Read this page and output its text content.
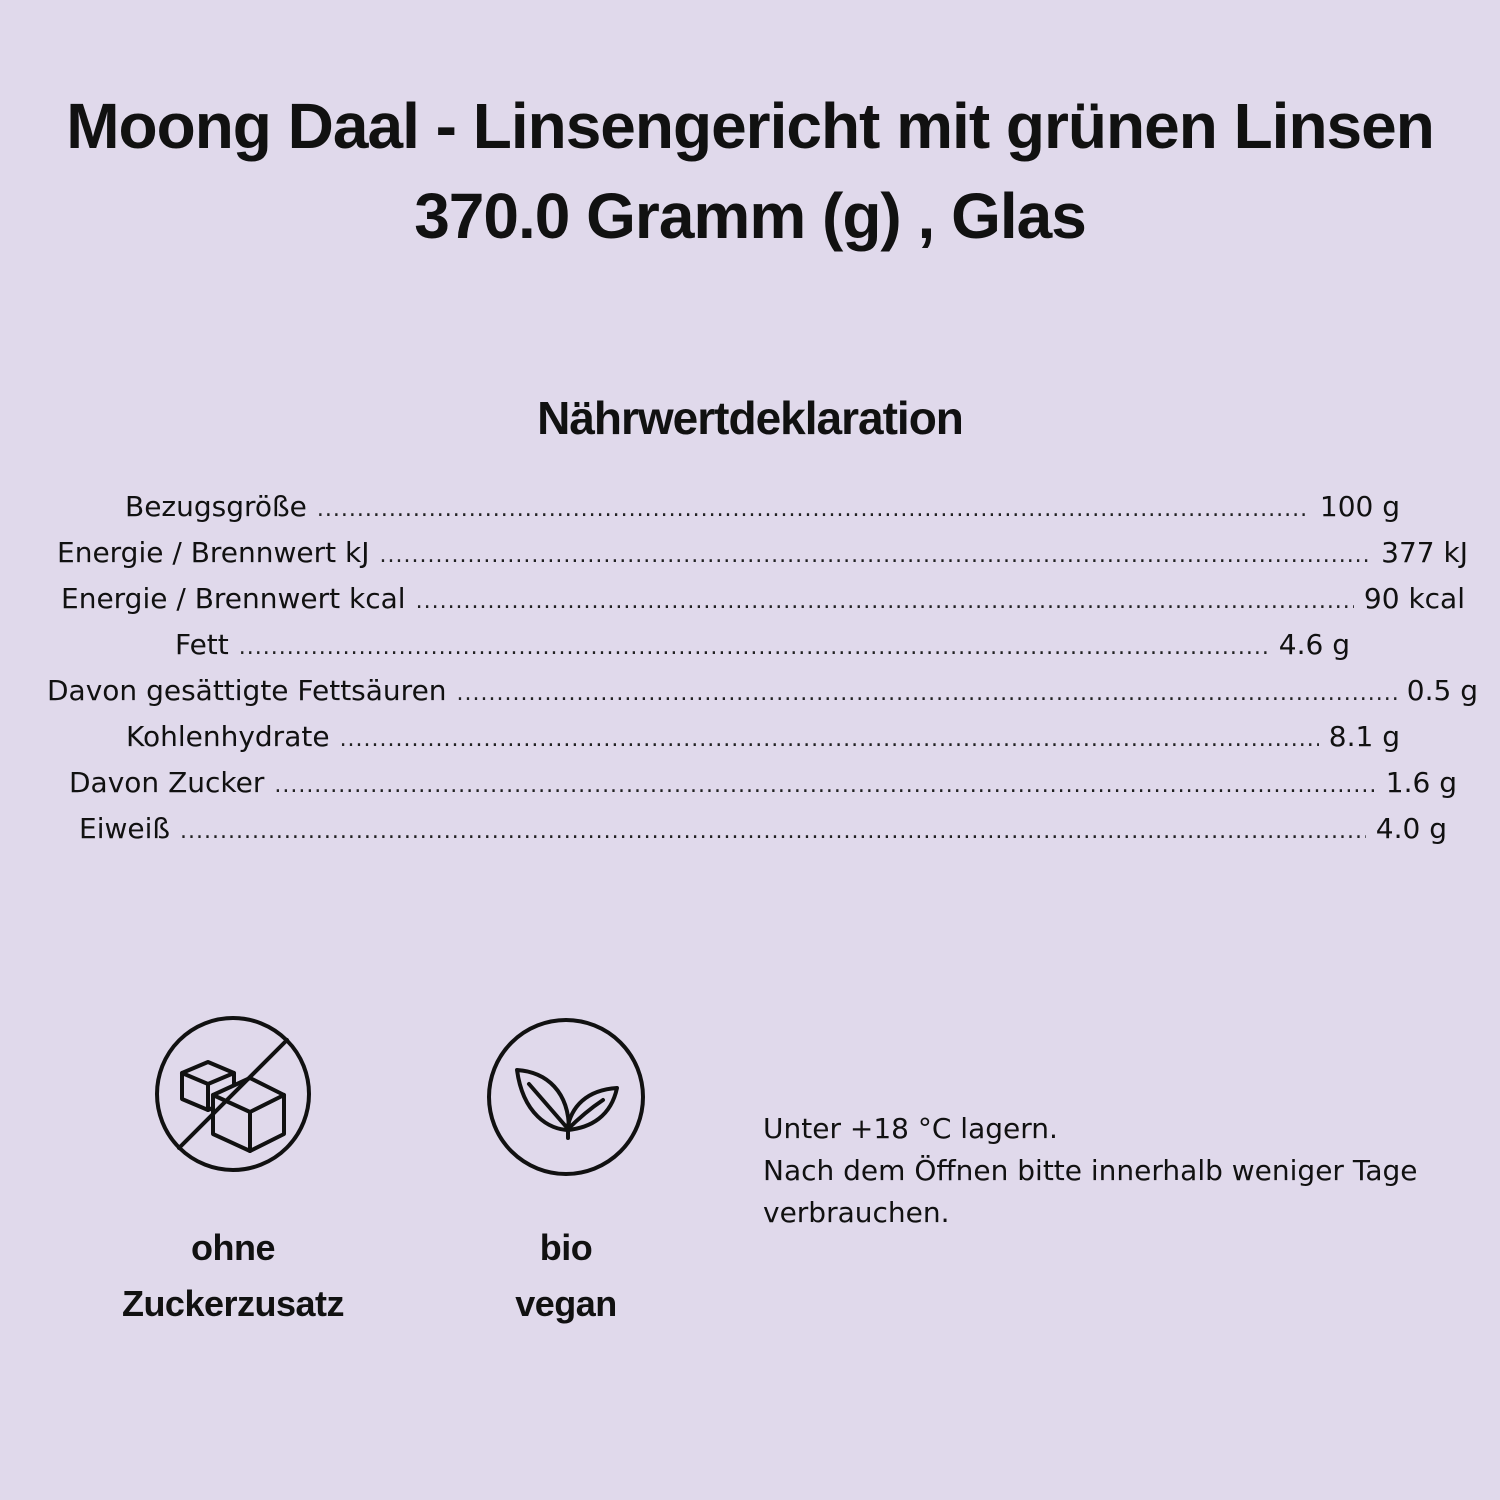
Moong Daal - Linsengericht mit grünen Linsen
370.0 Gramm (g) , Glas
Nährwertdeklaration
Bezugsgröße .....	100 g
Energie / Brennwert kJ .....	377 kJ
Energie / Brennwert kcal .....	90 kcal
Fett .....	4.6 g
Davon gesättigte Fettsäuren .....	0.5 g
Kohlenhydrate .....	8.1 g
Davon Zucker .....	1.6 g
Eiweiß .....	4.0 g
ohne
Zuckerzusatz
bio
vegan
Unter +18 °C lagern.
Nach dem Öffnen bitte innerhalb weniger Tage
verbrauchen.
